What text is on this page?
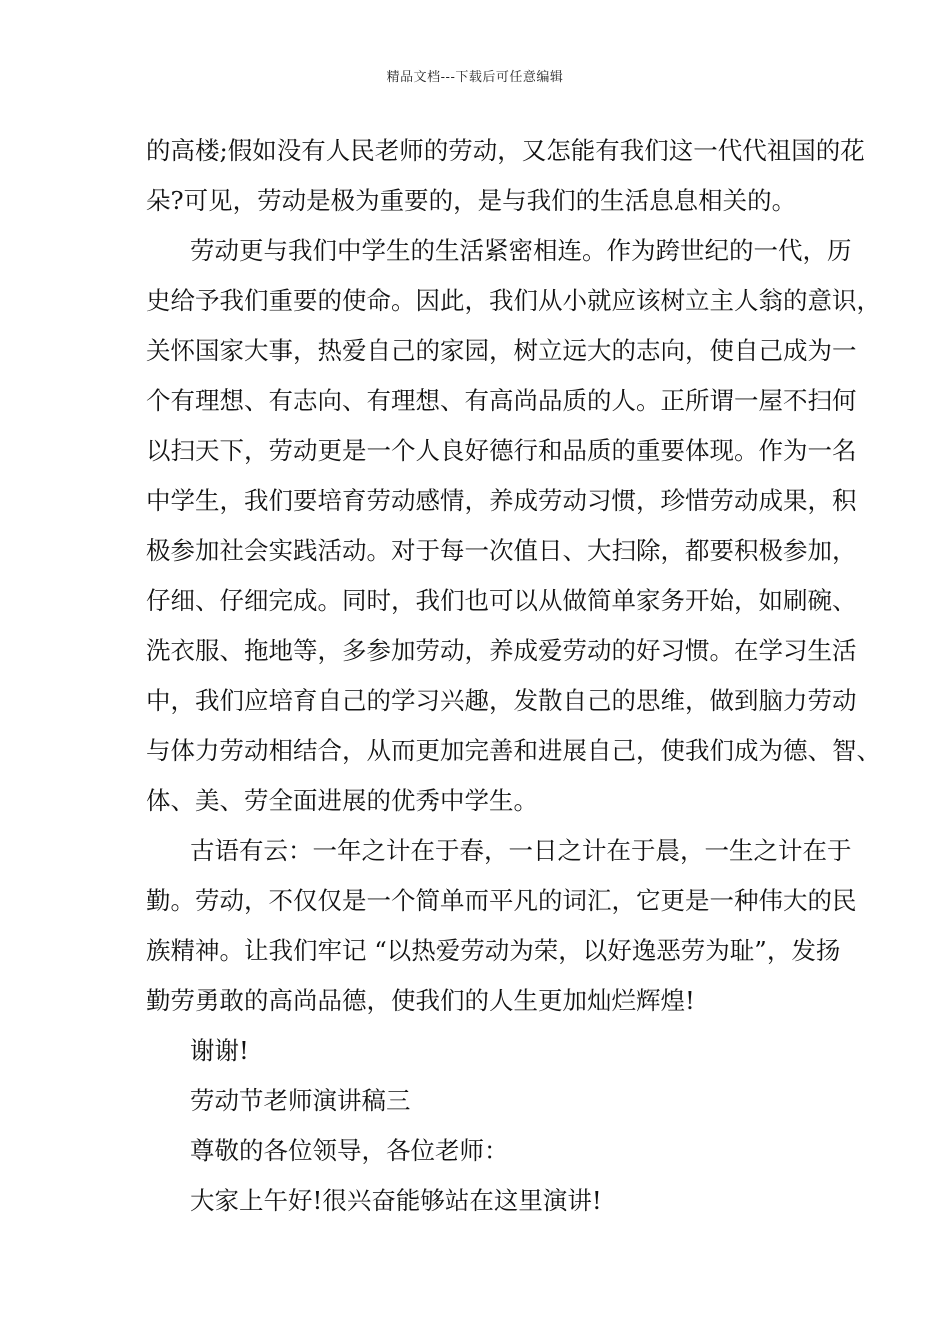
精品文档---下载后可任意编辑
的高楼;假如没有人民老师的劳动，又怎能有我们这一代代祖国的花
朵?可见，劳动是极为重要的，是与我们的生活息息相关的。
劳动更与我们中学生的生活紧密相连。作为跨世纪的一代，历
史给予我们重要的使命。因此，我们从小就应该树立主人翁的意识，
关怀国家大事，热爱自己的家园，树立远大的志向，使自己成为一
个有理想、有志向、有理想、有高尚品质的人。正所谓一屋不扫何
以扫天下，劳动更是一个人良好德行和品质的重要体现。作为一名
中学生，我们要培育劳动感情，养成劳动习惯，珍惜劳动成果，积
极参加社会实践活动。对于每一次值日、大扫除，都要积极参加，
仔细、仔细完成。同时，我们也可以从做简单家务开始，如刷碗、
洗衣服、拖地等，多参加劳动，养成爱劳动的好习惯。在学习生活
中，我们应培育自己的学习兴趣，发散自己的思维，做到脑力劳动
与体力劳动相结合，从而更加完善和进展自己，使我们成为德、智、
体、美、劳全面进展的优秀中学生。
古语有云：一年之计在于春，一日之计在于晨，一生之计在于
勤。劳动，不仅仅是一个简单而平凡的词汇，它更是一种伟大的民
族精神。让我们牢记 “以热爱劳动为荣，以好逸恶劳为耻”，发扬
勤劳勇敢的高尚品德，使我们的人生更加灿烂辉煌!
谢谢!
劳动节老师演讲稿三
尊敬的各位领导，各位老师：
大家上午好!很兴奋能够站在这里演讲!
